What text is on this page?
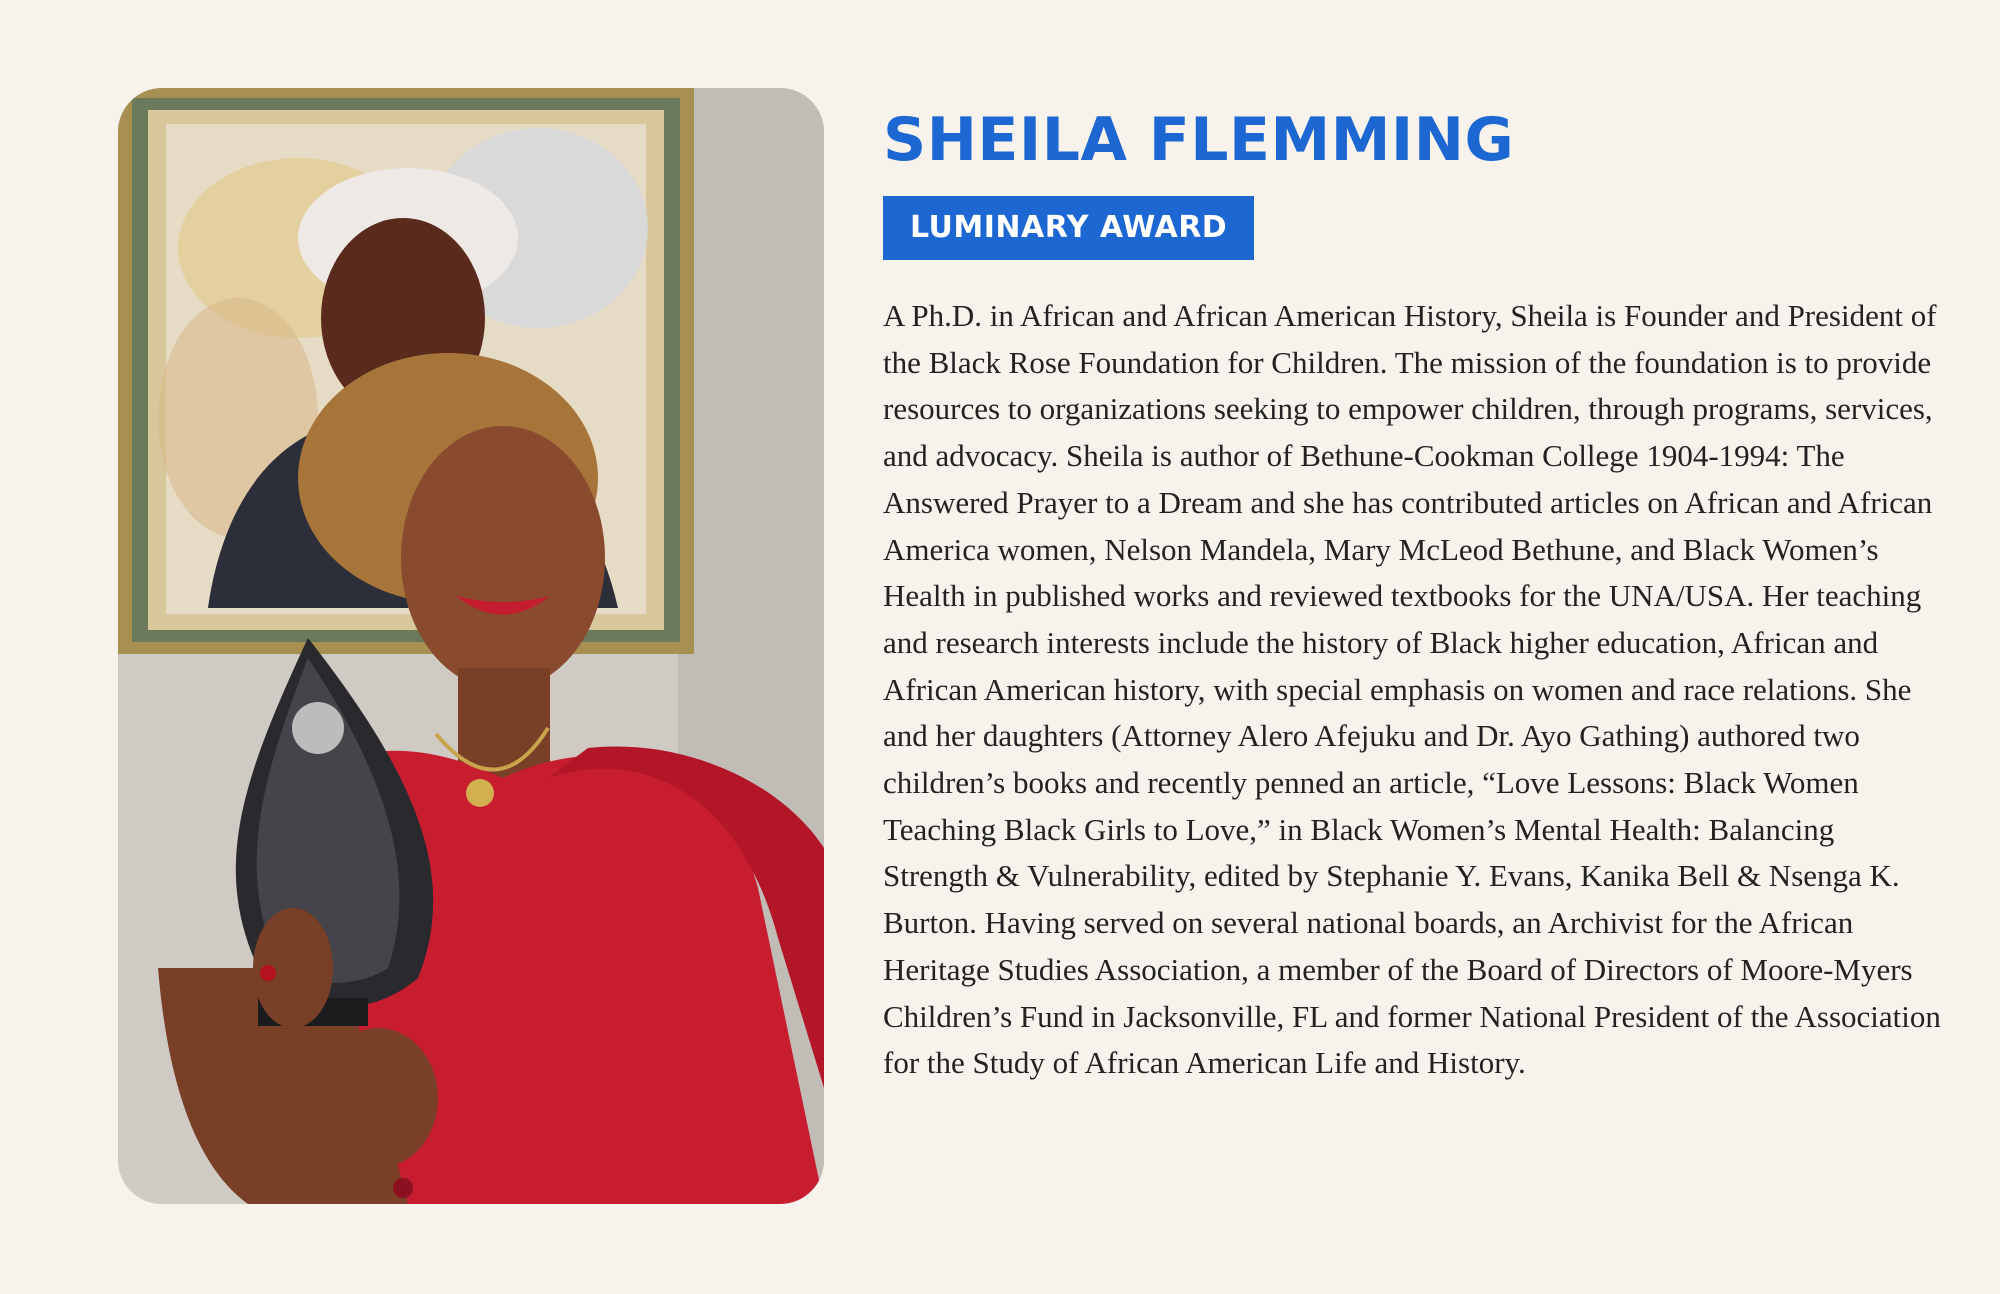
SHEILA FLEMMING
LUMINARY AWARD

A Ph.D. in African and African American History, Sheila is Founder and President of the Black Rose Foundation for Children. The mission of the foundation is to provide resources to organizations seeking to empower children, through programs, services, and advocacy. Sheila is author of Bethune-Cookman College 1904-1994: The Answered Prayer to a Dream and she has contributed articles on African and African America women, Nelson Mandela, Mary McLeod Bethune, and Black Women’s Health in published works and reviewed textbooks for the UNA/USA. Her teaching and research interests include the history of Black higher education, African and African American history, with special emphasis on women and race relations. She and her daughters (Attorney Alero Afejuku and Dr. Ayo Gathing) authored two children’s books and recently penned an article, “Love Lessons: Black Women Teaching Black Girls to Love,” in Black Women’s Mental Health: Balancing Strength & Vulnerability, edited by Stephanie Y. Evans, Kanika Bell & Nsenga K. Burton. Having served on several national boards, an Archivist for the African Heritage Studies Association, a member of the Board of Directors of Moore-Myers Children’s Fund in Jacksonville, FL and former National President of the Association for the Study of African American Life and History.
